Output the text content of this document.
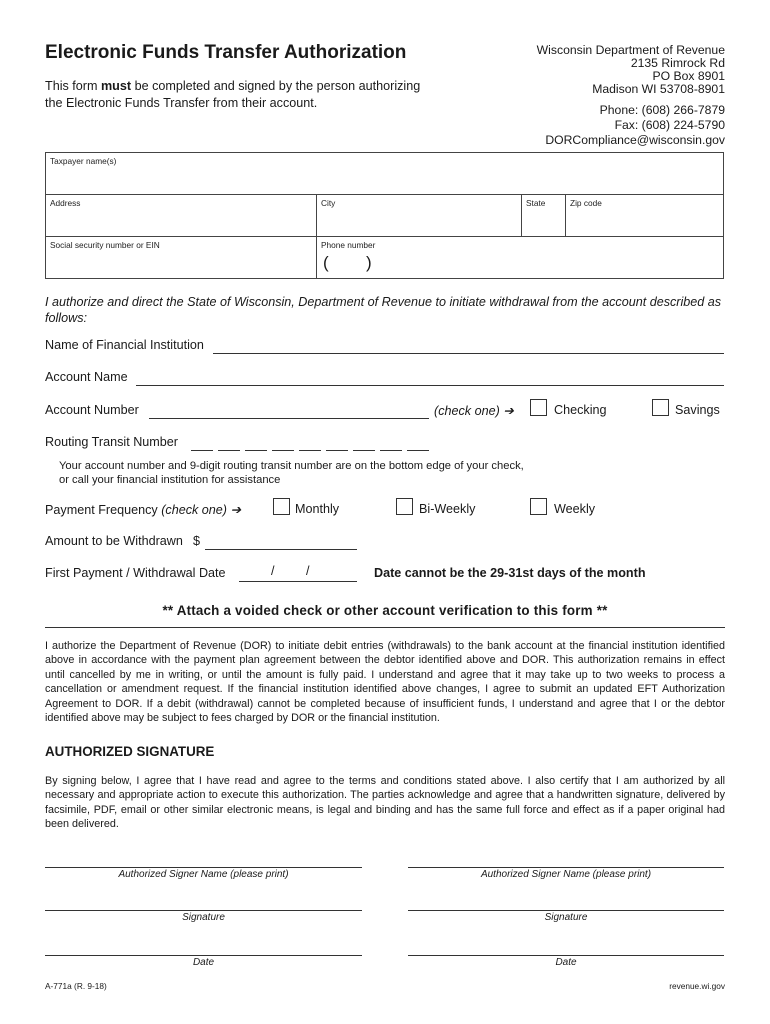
Electronic Funds Transfer Authorization
This form must be completed and signed by the person authorizing the Electronic Funds Transfer from their account.
Wisconsin Department of Revenue
2135 Rimrock Rd
PO Box 8901
Madison WI 53708-8901
Phone: (608) 266-7879
Fax: (608) 224-5790
DORCompliance@wisconsin.gov
Taxpayer name(s)
Address	City	State	Zip code
Social security number or EIN	Phone number
( )
I authorize and direct the State of Wisconsin, Department of Revenue to initiate withdrawal from the account described as follows:
Name of Financial Institution
Account Name
Account Number	(check one) ➔	Checking	Savings
Routing Transit Number
Your account number and 9-digit routing transit number are on the bottom edge of your check,
or call your financial institution for assistance
Payment Frequency (check one) ➔	Monthly	Bi-Weekly	Weekly
Amount to be Withdrawn $
First Payment / Withdrawal Date	/	/	Date cannot be the 29-31st days of the month
** Attach a voided check or other account verification to this form **
I authorize the Department of Revenue (DOR) to initiate debit entries (withdrawals) to the bank account at the financial institution identified above in accordance with the payment plan agreement between the debtor identified above and DOR. This authorization remains in effect until cancelled by me in writing, or until the amount is fully paid. I understand and agree that it may take up to two weeks to process a cancellation or amendment request. If the financial institution identified above changes, I agree to submit an updated EFT Authorization Agreement to DOR. If a debit (withdrawal) cannot be completed because of insufficient funds, I understand and agree that I or the debtor identified above may be subject to fees charged by DOR or the financial institution.
AUTHORIZED SIGNATURE
By signing below, I agree that I have read and agree to the terms and conditions stated above. I also certify that I am authorized by all necessary and appropriate action to execute this authorization. The parties acknowledge and agree that a handwritten signature, delivered by facsimile, PDF, email or other similar electronic means, is legal and binding and has the same full force and effect as if a paper original had been delivered.
Authorized Signer Name (please print)	Authorized Signer Name (please print)
Signature	Signature
Date	Date
A-771a (R. 9-18)	revenue.wi.gov
